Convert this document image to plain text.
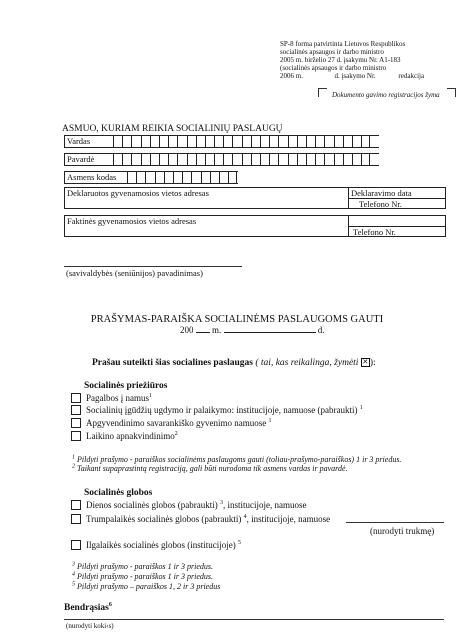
SP-8 forma patvirtinta Lietuvos Respublikos
socialinės apsaugos ir darbo ministro
2005 m. birželio 27 d. įsakymu Nr. A1-183
(socialinės apsaugos ir darbo ministro
2006 m.                  d. įsakymo Nr.             redakcija
Dokumento gavimo registracijos žyma
ASMUO, KURIAM REIKIA SOCIALINIŲ PASLAUGŲ
Vardas
Pavardė
Asmens kodas
Deklaruotos gyvenamosios vietos adresas	Deklaravimo data
Telefono Nr.
Faktinės gyvenamosios vietos adresas
Telefono Nr.
(savivaldybės (seniūnijos) pavadinimas)
PRAŠYMAS-PARAIŠKA SOCIALINĖMS PASLAUGOMS GAUTI
200 m.	d.
Prašau suteikti šias socialines paslaugas ( tai, kas reikalinga, žymėti ✕ ):
Socialinės priežiūros
Pagalbos į namus$^1$
Socialinių įgūdžių ugdymo ir palaikymo: institucijoje, namuose (pabraukti) $^1$
Apgyvendinimo savarankiško gyvenimo namuose $^1$
Laikino apnakvindinimo$^2$
$^1$ Pildyti prašymo - paraiškos socialinėms paslaugoms gauti (toliau-prašymo-paraiškos) 1 ir 3 priedus.
$^2$ Taikant supaprastintą registraciją, gali būti nurodoma tik asmens vardas ir pavardė.
Socialinės globos
Dienos socialinės globos (pabraukti) $^3$, institucijoje, namuose
Trumpalaikės socialinės globos (pabraukti) $^4$, institucijoje, namuose
(nurodyti trukmę)
Ilgalaikės socialinės globos (institucijoje) $^5$
$^3$ Pildyti prašymo - paraiškos 1 ir 3 priedus.
$^4$ Pildyti prašymo - paraiškos 1 ir 3 priedus.
$^5$ Pildyti prašymo – paraiškos 1, 2 ir 3 priedus
Bendrąsias$^6$
(nurodyti koki‹s)
